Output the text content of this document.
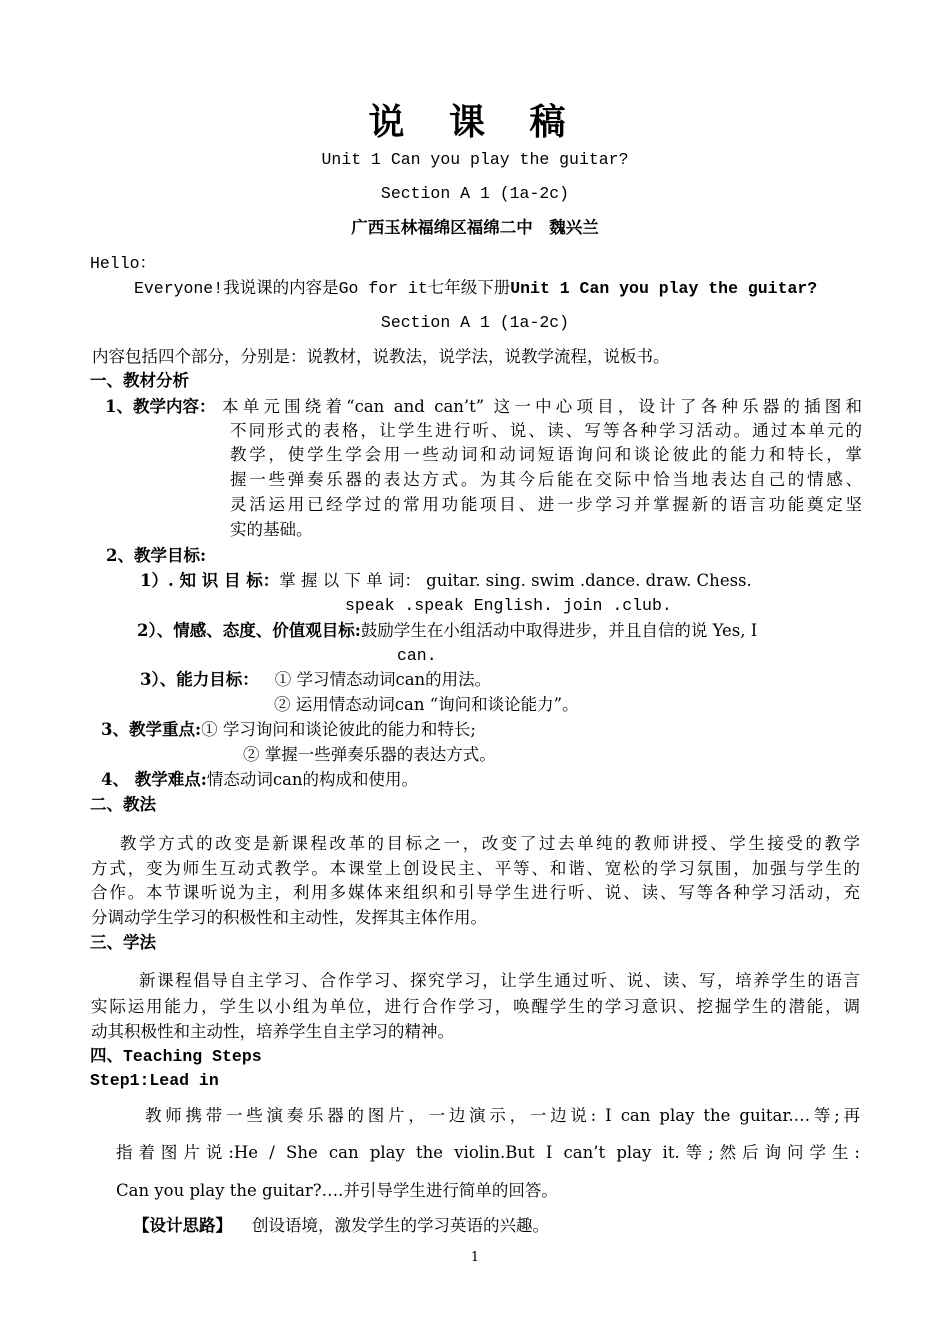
说 课 稿
Unit 1 Can you play the guitar?
Section A 1 (1a-2c)
广西玉林福绵区福绵二中　魏兴兰
Hello：
Everyone!我说课的内容是Go for it七年级下册Unit 1 Can you play the guitar?
Section A 1 (1a-2c)
内容包括四个部分，分别是：说教材，说教法，说学法，说教学流程，说板书。
一、教材分析
1、教学内容： 本单元围绕着“can and can’t” 这一中心项目，设计了各种乐器的插图和
不同形式的表格，让学生进行听、说、读、写等各种学习活动。通过本单元的
教学，使学生学会用一些动词和动词短语询问和谈论彼此的能力和特长，掌
握一些弹奏乐器的表达方式。为其今后能在交际中恰当地表达自己的情感、
灵活运用已经学过的常用功能项目、进一步学习并掌握新的语言功能奠定坚
实的基础。
2、教学目标:
1）. 知 识 目 标：掌 握 以 下 单 词： guitar. sing. swim .dance. draw. Chess.
speak .speak English. join .club.
2）、情感、态度、价值观目标:鼓励学生在小组活动中取得进步，并且自信的说 Yes, I
can.
3）、能力目标： ① 学习情态动词can的用法。
② 运用情态动词can “询问和谈论能力”。
3、教学重点:① 学习询问和谈论彼此的能力和特长;
② 掌握一些弹奏乐器的表达方式。
4、 教学难点:情态动词can的构成和使用。
二、教法
教学方式的改变是新课程改革的目标之一，改变了过去单纯的教师讲授、学生接受的教学
方式，变为师生互动式教学。本课堂上创设民主、平等、和谐、宽松的学习氛围，加强与学生的
合作。本节课听说为主，利用多媒体来组织和引导学生进行听、说、读、写等各种学习活动，充
分调动学生学习的积极性和主动性，发挥其主体作用。
三、学法
新课程倡导自主学习、合作学习、探究学习，让学生通过听、说、读、写，培养学生的语言
实际运用能力，学生以小组为单位，进行合作学习，唤醒学生的学习意识、挖掘学生的潜能，调
动其积极性和主动性，培养学生自主学习的精神。
四、Teaching Steps
Step1:Lead in
教师携带一些演奏乐器的图片，一边演示，一边说: I can play the guitar.…等;再
指着图片说:He / She can play the violin.But I can’t play it.等;然后询问学生:
Can you play the guitar?….并引导学生进行简单的回答。
【设计思路】 创设语境，激发学生的学习英语的兴趣。
1
